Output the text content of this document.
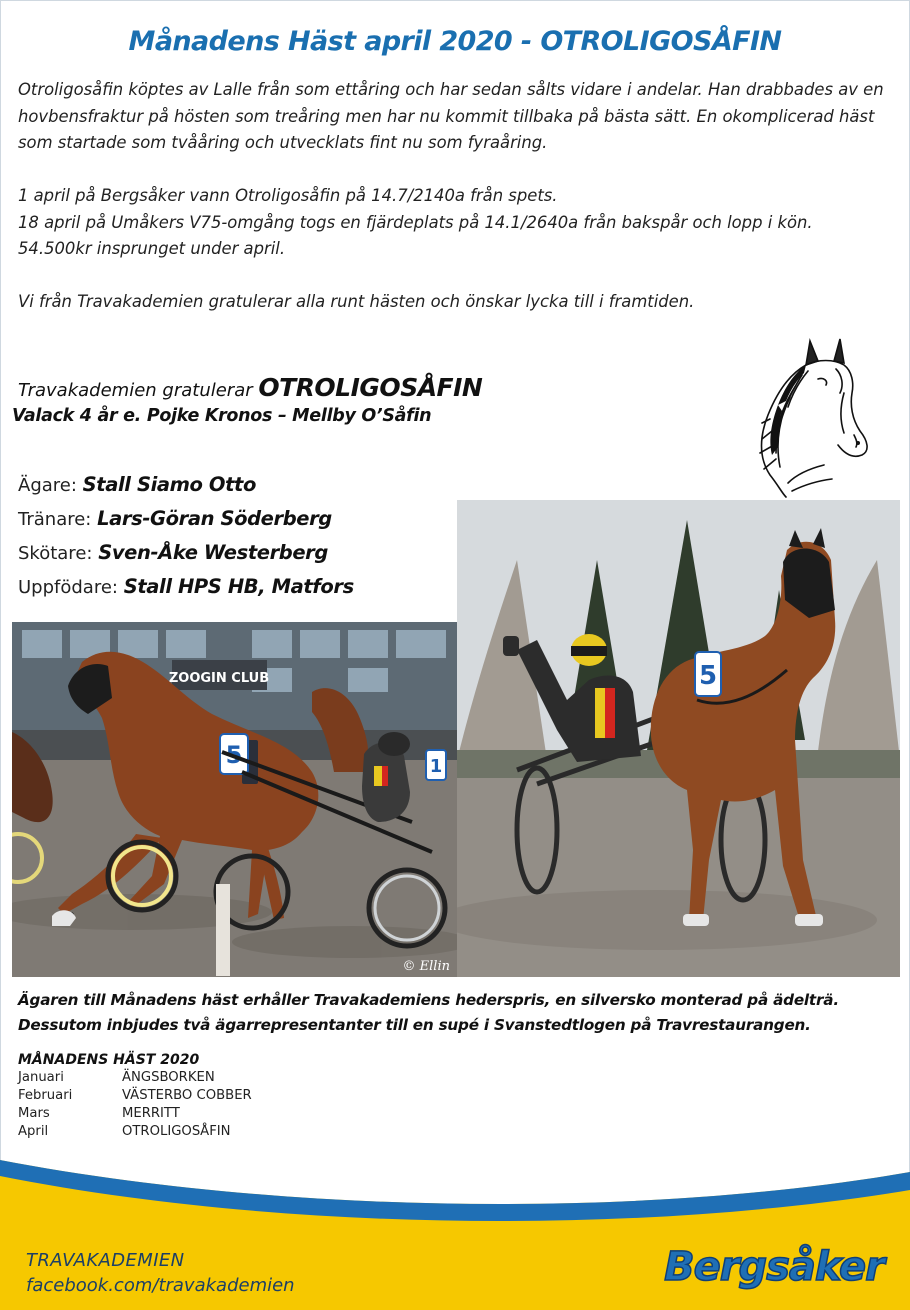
Månadens Häst april 2020 - OTROLIGOSÅFIN

Otroligosåfin köptes av Lalle från som ettåring och har sedan sålts vidare i andelar. Han drabbades av en

hovbensfraktur på hösten som treåring men har nu kommit tillbaka på bästa sätt. En okomplicerad häst

som startade som tvååring och utvecklats fint nu som fyraåring.

1 april på Bergsåker vann Otroligosåfin på 14.7/2140a från spets.

18 april på Umåkers V75-omgång togs en fjärdeplats på 14.1/2640a från bakspår och lopp i kön.

54.500kr insprunget under april.

Vi från Travakademien gratulerar alla runt hästen och önskar lycka till i framtiden.

Travakademien gratulerar OTROLIGOSÅFIN
Valack 4 år e. Pojke Kronos – Mellby O’Såfin
Ägare: Stall Siamo Otto
Tränare: Lars-Göran Söderberg
Skötare: Sven-Åke Westerberg
Uppfödare: Stall HPS HB, Matfors
ZOOGIN CLUB
5	1
© Ellin
5

Ägaren till Månadens häst erhåller Travakademiens hederspris, en silversko monterad på ädelträ.

Dessutom inbjudes två ägarrepresentanter till en supé i Svanstedtlogen på Travrestaurangen.

MÅNADENS HÄST 2020
Januari	ÄNGSBORKEN
Februari	VÄSTERBO COBBER
Mars	MERRITT
April	OTROLIGOSÅFIN
TRAVAKADEMIEN
facebook.com/travakademien	Bergsåker
